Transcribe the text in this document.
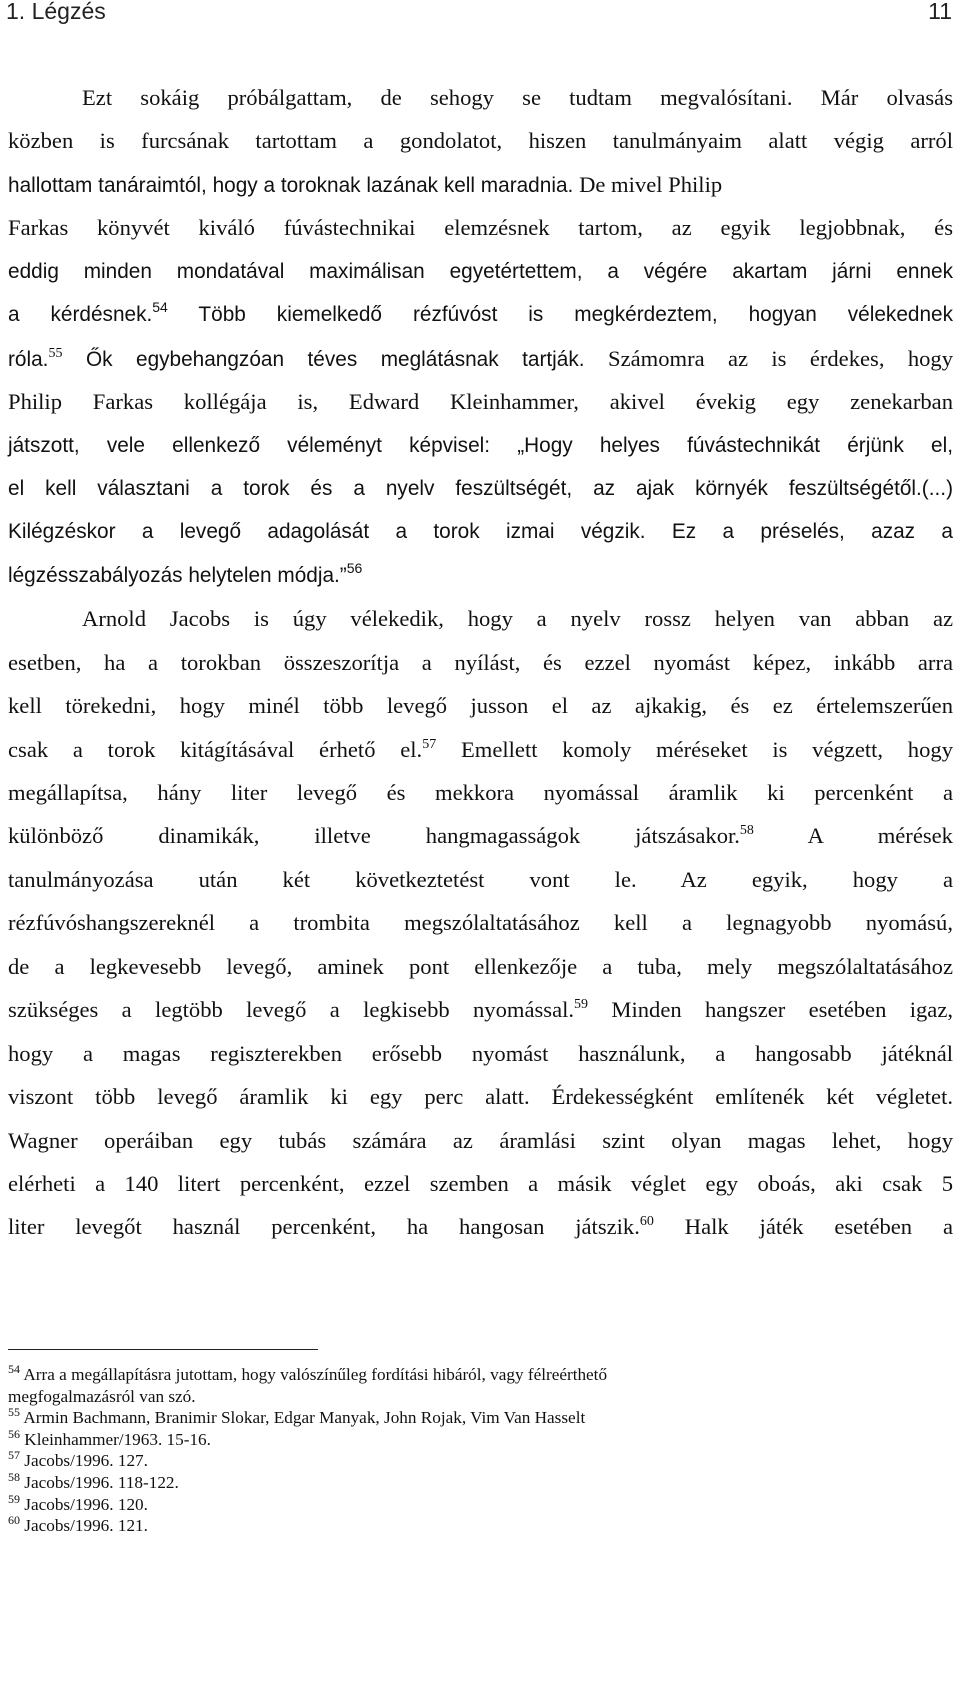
1. Légzés	11
Ezt sokáig próbálgattam, de sehogy se tudtam megvalósítani. Már olvasás
közben is furcsának tartottam a gondolatot, hiszen tanulmányaim alatt végig arról
hallottam tanáraimtól, hogy a toroknak lazának kell maradnia. De mivel Philip
Farkas könyvét kiváló fúvástechnikai elemzésnek tartom, az egyik legjobbnak, és
eddig minden mondatával maximálisan egyetértettem, a végére akartam járni ennek
a kérdésnek.$^{54}$ Több kiemelkedő rézfúvóst is megkérdeztem, hogyan vélekednek
róla.$^{55}$ Ők egybehangzóan téves meglátásnak tartják. Számomra az is érdekes, hogy
Philip Farkas kollégája is, Edward Kleinhammer, akivel évekig egy zenekarban
játszott, vele ellenkező véleményt képvisel: „Hogy helyes fúvástechnikát érjünk el,
el kell választani a torok és a nyelv feszültségét, az ajak környék feszültségétől.(...)
Kilégzéskor a levegő adagolását a torok izmai végzik. Ez a préselés, azaz a
légzésszabályozás helytelen módja.”$^{56}$
Arnold Jacobs is úgy vélekedik, hogy a nyelv rossz helyen van abban az
esetben, ha a torokban összeszorítja a nyílást, és ezzel nyomást képez, inkább arra
kell törekedni, hogy minél több levegő jusson el az ajkakig, és ez értelemszerűen
csak a torok kitágításával érhető el.$^{57}$ Emellett komoly méréseket is végzett, hogy
megállapítsa, hány liter levegő és mekkora nyomással áramlik ki percenként a
különböző dinamikák, illetve hangmagasságok játszásakor.$^{58}$ A mérések
tanulmányozása után két következtetést vont le. Az egyik, hogy a
rézfúvóshangszereknél a trombita megszólaltatásához kell a legnagyobb nyomású,
de a legkevesebb levegő, aminek pont ellenkezője a tuba, mely megszólaltatásához
szükséges a legtöbb levegő a legkisebb nyomással.$^{59}$ Minden hangszer esetében igaz,
hogy a magas regiszterekben erősebb nyomást használunk, a hangosabb játéknál
viszont több levegő áramlik ki egy perc alatt. Érdekességként említenék két végletet.
Wagner operáiban egy tubás számára az áramlási szint olyan magas lehet, hogy
elérheti a 140 litert percenként, ezzel szemben a másik véglet egy oboás, aki csak 5
liter levegőt használ percenként, ha hangosan játszik.$^{60}$ Halk játék esetében a
$^{54}$ Arra a megállapításra jutottam, hogy valószínűleg fordítási hibáról, vagy félreérthető
megfogalmazásról van szó.
$^{55}$ Armin Bachmann, Branimir Slokar, Edgar Manyak, John Rojak, Vim Van Hasselt
$^{56}$ Kleinhammer/1963. 15-16.
$^{57}$ Jacobs/1996. 127.
$^{58}$ Jacobs/1996. 118-122.
$^{59}$ Jacobs/1996. 120.
$^{60}$ Jacobs/1996. 121.
